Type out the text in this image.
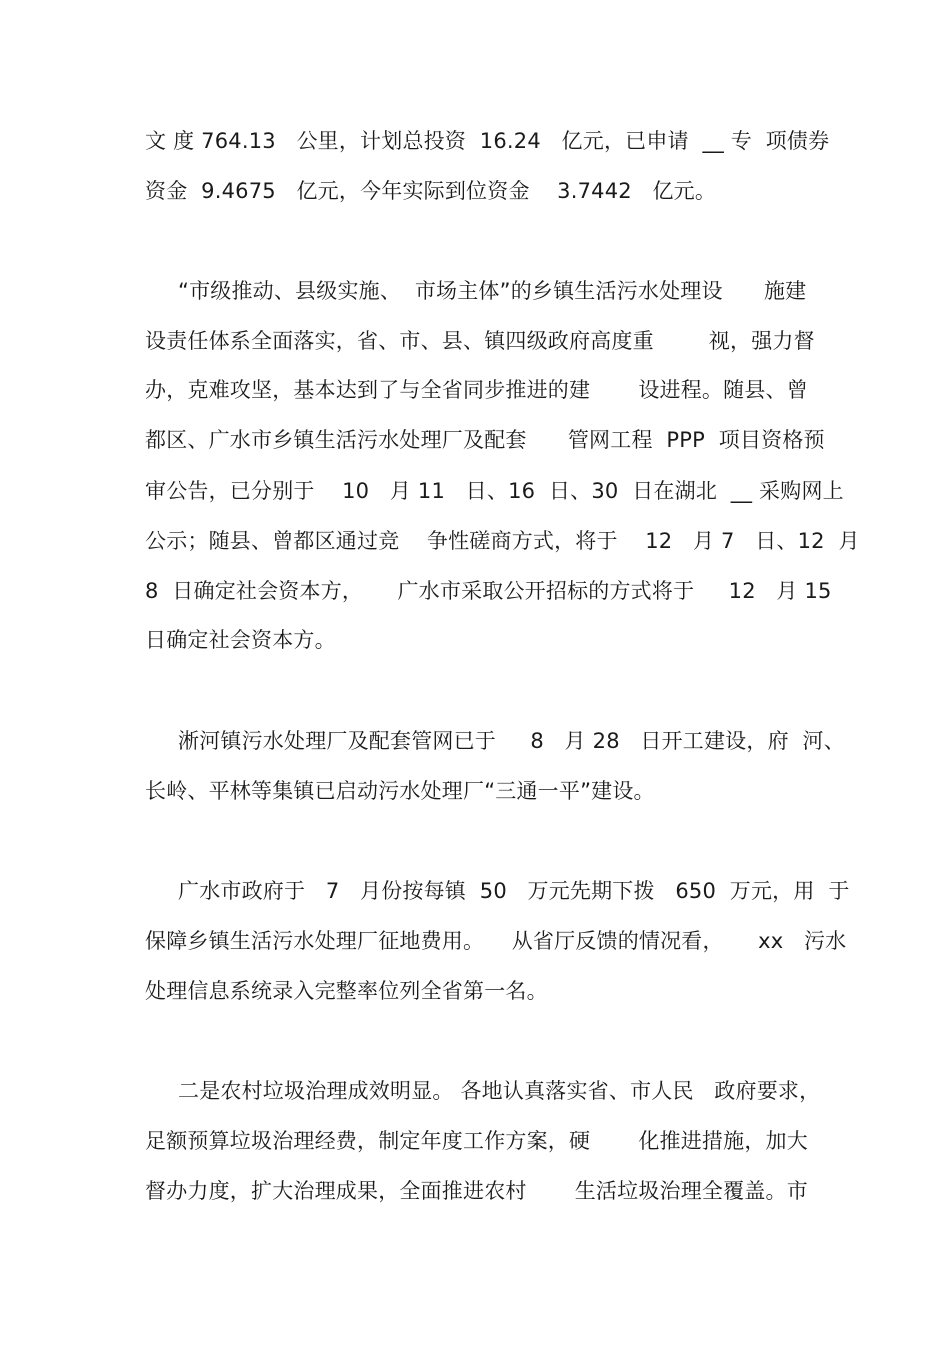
文 度 764.13   公里，计划总投资  16.24   亿元，已申请  __ 专  项债券
资金  9.4675   亿元，今年实际到位资金    3.7442   亿元。
“市级推动、县级实施、  市场主体”的乡镇生活污水处理设      施建
设责任体系全面落实，省、市、县、镇四级政府高度重        视，强力督
办，克难攻坚，基本达到了与全省同步推进的建       设进程。随县、曾
都区、广水市乡镇生活污水处理厂及配套      管网工程  PPP  项目资格预
审公告，已分别于    10   月 11   日、16  日、30  日在湖北  __ 采购网上
公示；随县、曾都区通过竞    争性磋商方式，将于    12   月 7   日、12  月
8  日确定社会资本方，     广水市采取公开招标的方式将于     12   月 15
日确定社会资本方。
淅河镇污水处理厂及配套管网已于     8   月 28   日开工建设，府  河、
长岭、平林等集镇已启动污水处理厂“三通一平”建设。
广水市政府于   7   月份按每镇  50   万元先期下拨   650  万元，用  于
保障乡镇生活污水处理厂征地费用。    从省厅反馈的情况看，     xx   污水
处理信息系统录入完整率位列全省第一名。
二是农村垃圾治理成效明显。 各地认真落实省、市人民   政府要求，
足额预算垃圾治理经费，制定年度工作方案，硬       化推进措施，加大
督办力度，扩大治理成果，全面推进农村       生活垃圾治理全覆盖。市
